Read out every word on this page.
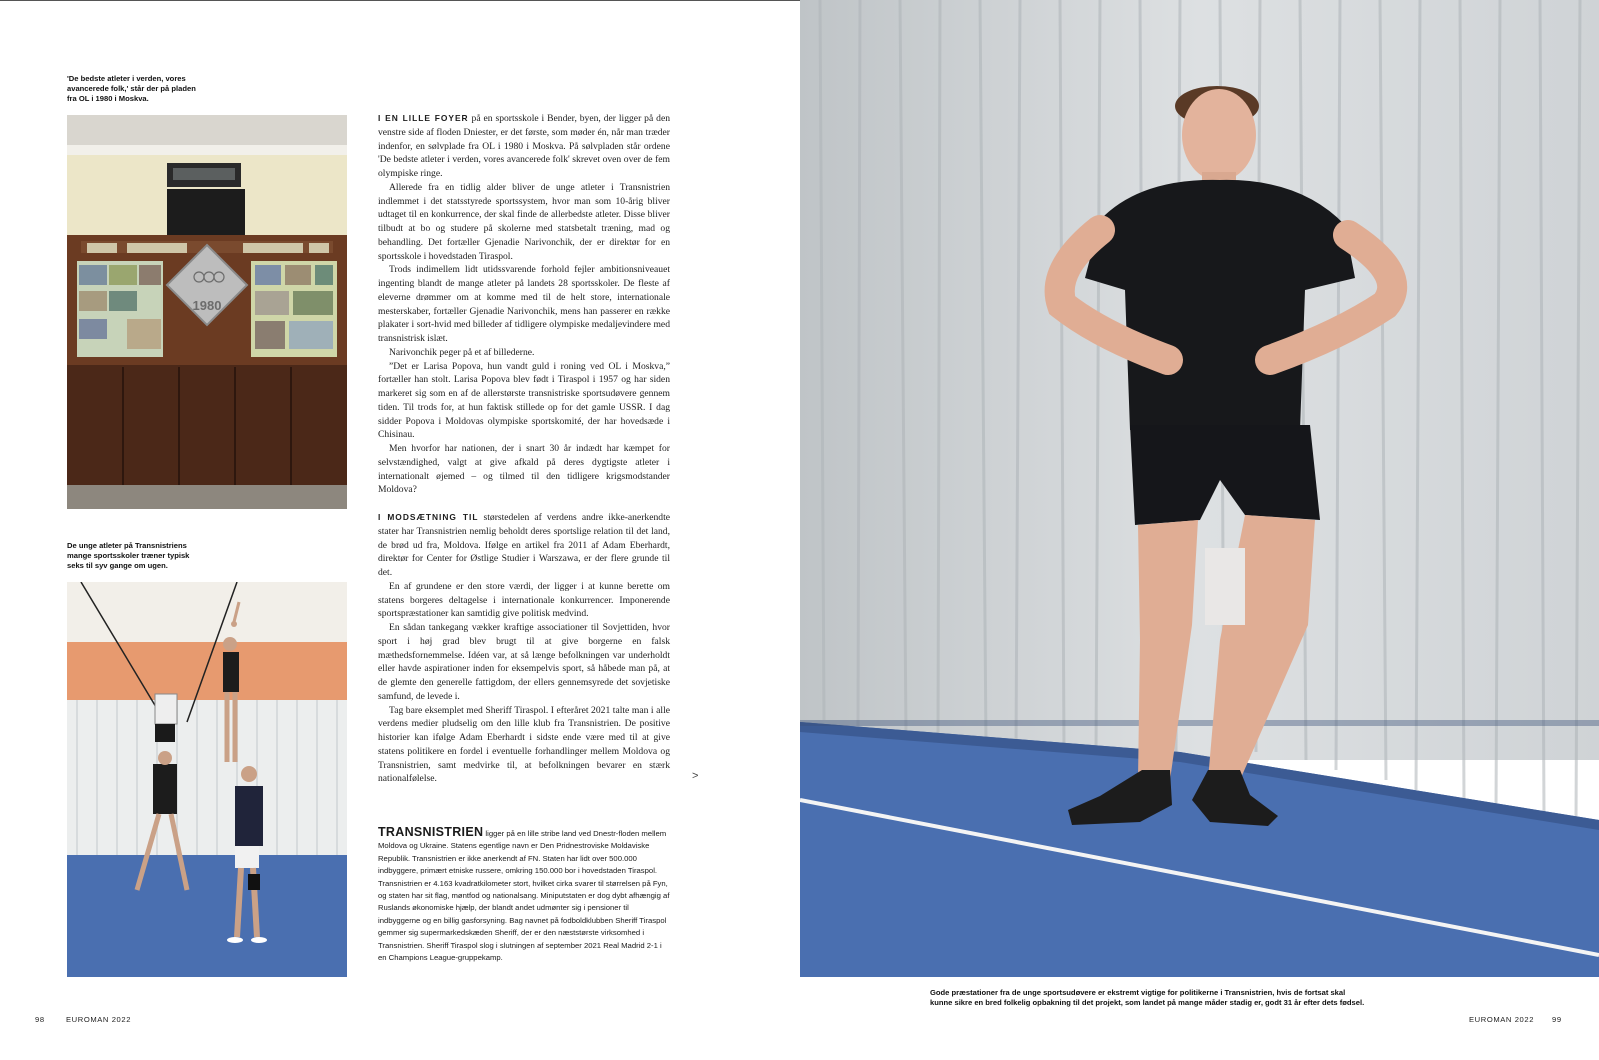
'De bedste atleter i verden, vores

avancerede folk,' står der på pladen

fra OL i 1980 i Moskva.

1980

De unge atleter på Transnistriens

mange sportsskoler træner typisk

seks til syv gange om ugen.

I EN LILLE FOYER på en sportsskole i Bender, byen, der ligger på den venstre side af floden Dniester, er det første, som møder én, når man træder indenfor, en sølvplade fra OL i 1980 i Moskva. På sølvpladen står ordene 'De bedste atleter i verden, vores avancerede folk' skrevet oven over de fem olympiske ringe.

Allerede fra en tidlig alder bliver de unge atleter i Transnistrien indlemmet i det statsstyrede sportssystem, hvor man som 10-årig bliver udtaget til en konkurrence, der skal finde de allerbedste atleter. Disse bliver tilbudt at bo og studere på skolerne med statsbetalt træning, mad og behandling. Det fortæller Gjenadie Narivonchik, der er direktør for en sportsskole i hovedstaden Tiraspol.

Trods indimellem lidt utidssvarende forhold fejler ambitionsniveauet ingenting blandt de mange atleter på landets 28 sportsskoler. De fleste af eleverne drømmer om at komme med til de helt store, internationale mesterskaber, fortæller Gjenadie Narivonchik, mens han passerer en række plakater i sort-hvid med billeder af tidligere olympiske medaljevindere med transnistrisk islæt.

Narivonchik peger på et af billederne.

”Det er Larisa Popova, hun vandt guld i roning ved OL i Moskva,” fortæller han stolt. Larisa Popova blev født i Tiraspol i 1957 og har siden markeret sig som en af de allerstørste transnistriske sportsudøvere gennem tiden. Til trods for, at hun faktisk stillede op for det gamle USSR. I dag sidder Popova i Moldovas olympiske sportskomité, der har hovedsæde i Chisinau.

Men hvorfor har nationen, der i snart 30 år indædt har kæmpet for selvstændighed, valgt at give afkald på deres dygtigste atleter i internationalt øjemed – og tilmed til den tidligere krigsmodstander Moldova?

I MODSÆTNING TIL størstedelen af verdens andre ikke-anerkendte stater har Transnistrien nemlig beholdt deres sportslige relation til det land, de brød ud fra, Moldova. Ifølge en artikel fra 2011 af Adam Eberhardt, direktør for Center for Østlige Studier i Warszawa, er der flere grunde til det.

En af grundene er den store værdi, der ligger i at kunne berette om statens borgeres deltagelse i internationale konkurrencer. Imponerende sportspræstationer kan samtidig give politisk medvind.

En sådan tankegang vækker kraftige associationer til Sovjettiden, hvor sport i høj grad blev brugt til at give borgerne en falsk mæthedsfornemmelse. Idéen var, at så længe befolkningen var underholdt eller havde aspirationer inden for eksempelvis sport, så håbede man på, at de glemte den generelle fattigdom, der ellers gennemsyrede det sovjetiske samfund, de levede i.

Tag bare eksemplet med Sheriff Tiraspol. I efteråret 2021 talte man i alle verdens medier pludselig om den lille klub fra Transnistrien. De positive historier kan ifølge Adam Eberhardt i sidste ende være med til at give statens politikere en fordel i eventuelle forhandlinger mellem Moldova og Transnistrien, samt medvirke til, at befolkningen bevarer en stærk nationalfølelse.	>
TRANSNISTRIEN ligger på en lille stribe land ved Dnestr-floden mellem Moldova og Ukraine. Statens egentlige navn er Den Pridnestroviske Moldaviske Republik. Transnistrien er ikke anerkendt af FN. Staten har lidt over 500.000 indbyggere, primært etniske russere, omkring 150.000 bor i hovedstaden Tiraspol. Transnistrien er 4.163 kvadratkilometer stort, hvilket cirka svarer til størrelsen på Fyn, og staten har sit flag, møntfod og nationalsang. Miniputstaten er dog dybt afhængig af Ruslands økonomiske hjælp, der blandt andet udmønter sig i pensioner til indbyggerne og en billig gasforsyning. Bag navnet på fodboldklubben Sheriff Tiraspol gemmer sig supermarkedskæden Sheriff, der er den næststørste virksomhed i Transnistrien. Sheriff Tiraspol slog i slutningen af september 2021 Real Madrid 2-1 i en Champions League-gruppekamp.

Gode præstationer fra de unge sportsudøvere er ekstremt vigtige for politikerne i Transnistrien, hvis de fortsat skal

kunne sikre en bred folkelig opbakning til det projekt, som landet på mange måder stadig er, godt 31 år efter dets fødsel.

98	EUROMAN 2022	EUROMAN 2022 99
